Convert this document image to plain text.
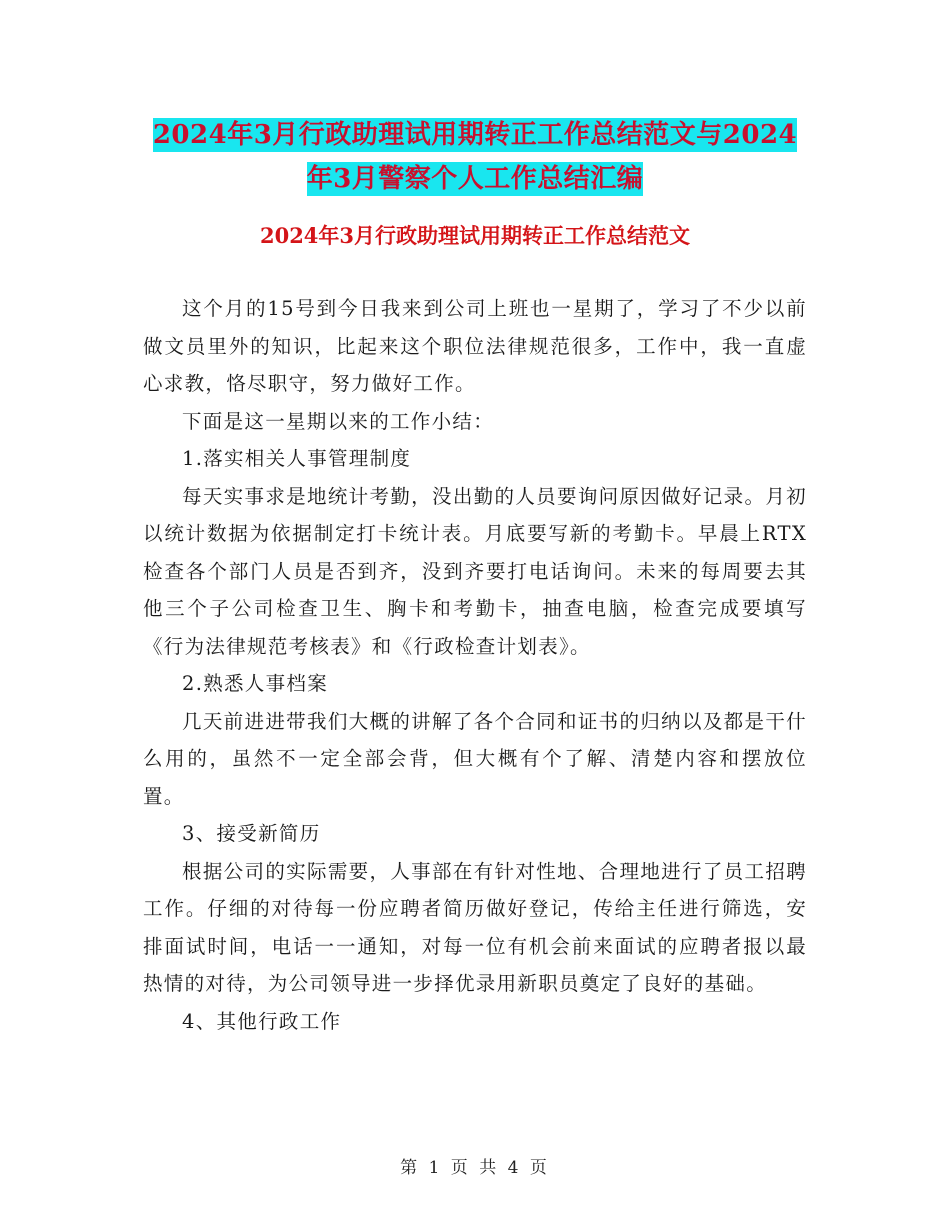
2024年3月行政助理试用期转正工作总结范文与2024年3月警察个人工作总结汇编
2024年3月行政助理试用期转正工作总结范文

这个月的15号到今日我来到公司上班也一星期了，学习了不少以前做文员里外的知识，比起来这个职位法律规范很多，工作中，我一直虚心求教，恪尽职守，努力做好工作。

下面是这一星期以来的工作小结：

1.落实相关人事管理制度

每天实事求是地统计考勤，没出勤的人员要询问原因做好记录。月初以统计数据为依据制定打卡统计表。月底要写新的考勤卡。早晨上RTX检查各个部门人员是否到齐，没到齐要打电话询问。未来的每周要去其他三个子公司检查卫生、胸卡和考勤卡，抽查电脑，检查完成要填写《行为法律规范考核表》和《行政检查计划表》。

2.熟悉人事档案

几天前进进带我们大概的讲解了各个合同和证书的归纳以及都是干什么用的，虽然不一定全部会背，但大概有个了解、清楚内容和摆放位置。

3、接受新简历

根据公司的实际需要，人事部在有针对性地、合理地进行了员工招聘工作。仔细的对待每一份应聘者简历做好登记，传给主任进行筛选，安排面试时间，电话一一通知，对每一位有机会前来面试的应聘者报以最热情的对待，为公司领导进一步择优录用新职员奠定了良好的基础。

4、其他行政工作

第 1 页 共 4 页
